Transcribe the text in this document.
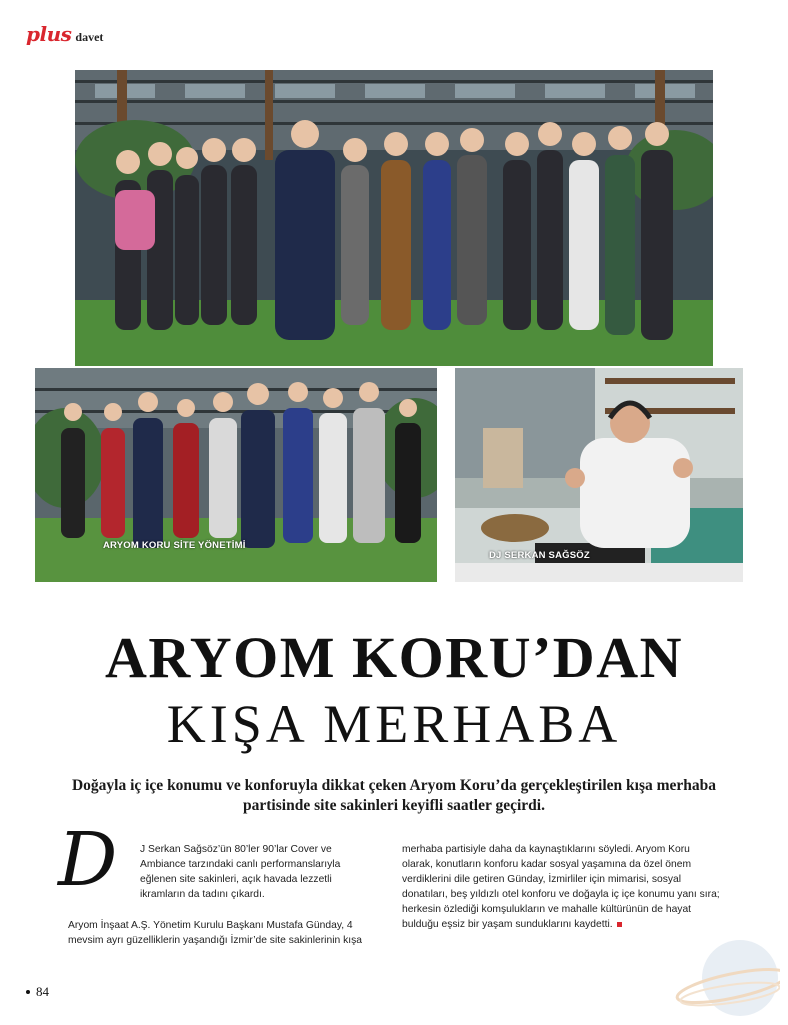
plus davet
ARYOM KORU SİTE YÖNETİMİ
DJ SERKAN SAĞSÖZ
ARYOM KORU’DAN
KIŞA MERHABA
Doğayla iç içe konumu ve konforuyla dikkat çeken Aryom Koru’da gerçekleştirilen kışa merhaba partisinde site sakinleri keyifli saatler geçirdi.
D	J Serkan Sağsöz’ün 80’ler 90’lar Cover ve Ambiance tarzındaki canlı performanslarıyla eğlenen site sakinleri, açık havada lezzetli ikramların da tadını çıkardı.

Aryom İnşaat A.Ş. Yönetim Kurulu Başkanı Mustafa Günday, 4 mevsim ayrı güzelliklerin yaşandığı İzmir’de site sakinlerinin kışa

merhaba partisiyle daha da kaynaştıklarını söyledi. Aryom Koru olarak, konutların konforu kadar sosyal yaşamına da özel önem verdiklerini dile getiren Günday, İzmirliler için mimarisi, sosyal donatıları, beş yıldızlı otel konforu ve doğayla iç içe konumu yanı sıra; herkesin özlediği komşulukların ve mahalle kültürünün de hayat bulduğu eşsiz bir yaşam sunduklarını kaydetti.

84
